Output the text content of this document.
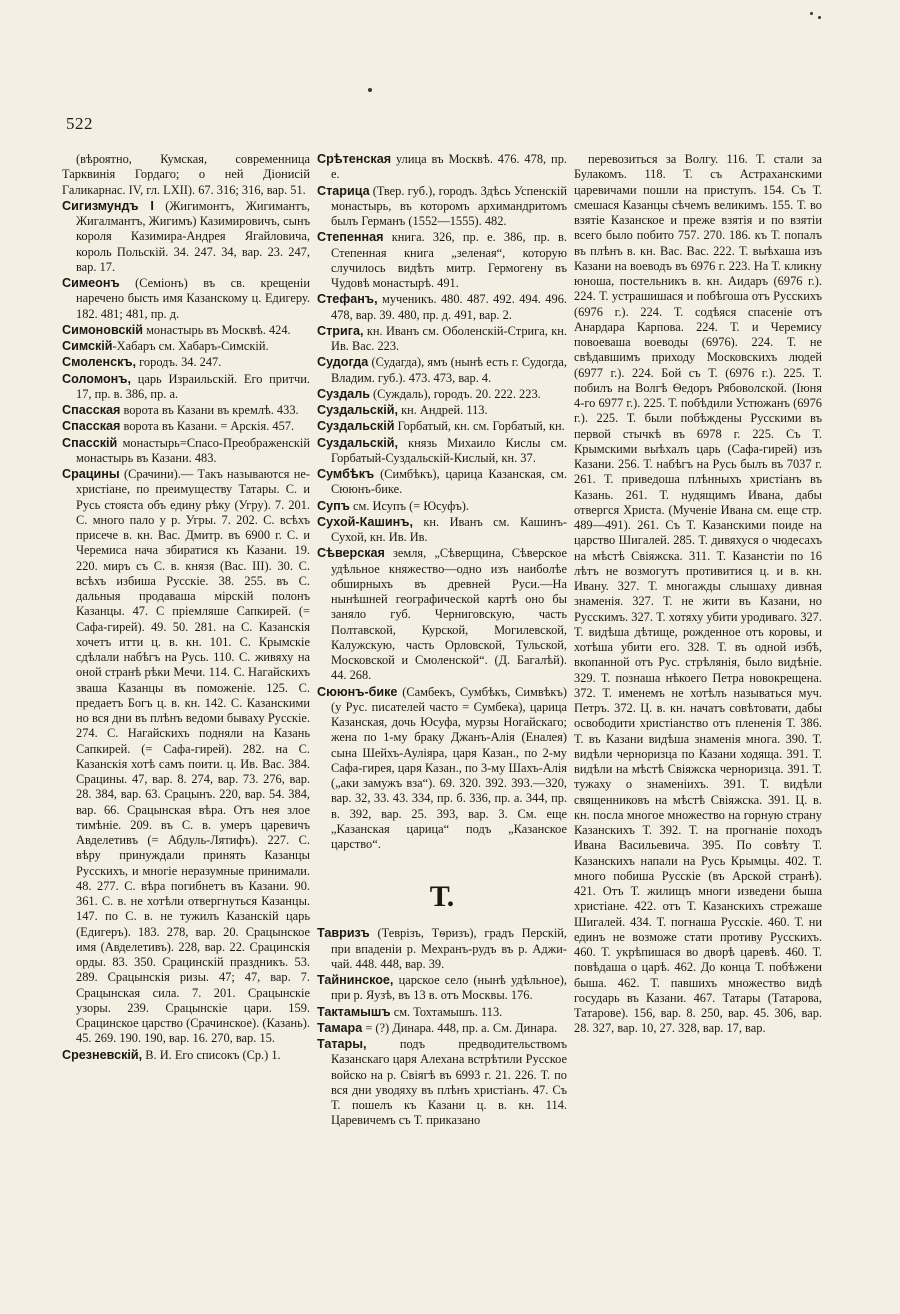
522
(вѣроятно, Кумская, современница Тарквинія Гордаго; о ней Діонисій Галикарнас. IV, гл. LXII). 67. 316; 316, вар. 51.
Сигизмундъ I (Жигимонтъ, Жигимантъ, Жигалмантъ, Жигимъ) Казимировичъ, сынъ короля Казимира-Андрея Ягайловича, король Польскій. 34. 247. 34, вар. 23. 247, вар. 17.
Симеонъ (Семіонъ) въ св. крещеніи наречено бысть имя Казанскому ц. Едигеру. 182. 481; 481, пр. д.
Симоновскій монастырь въ Москвѣ. 424.
Симскій-Хабаръ см. Хабаръ-Симскій.
Смоленскъ, городъ. 34. 247.
Соломонъ, царь Израильскій. Его притчи. 17, пр. в. 386, пр. а.
Спасская ворота въ Казани въ кремлѣ. 433.
Спасская ворота въ Казани. = Арскія. 457.
Спасскій монастырь=Спасо-Преображенскій монастырь въ Казани. 483.
Срацины (Срачини).— Такъ называются не-христіане, по преимуществу Татары. С. и Русь стояста объ едину рѣку (Угру). 7. 201. С. много пало у р. Угры. 7. 202. С. всѣхъ присече в. кн. Вас. Дмитр. въ 6900 г. С. и Черемиса нача збиратися къ Казани. 19. 220. миръ съ С. в. князя (Вас. III). 30. С. всѣхъ избиша Русскіе. 38. 255. въ С. дальныя продаваша мірскій полонъ Казанцы. 47. С пріемляше Сапкирей. (= Сафа-гирей). 49. 50. 281. на С. Казанскія хочетъ итти ц. в. кн. 101. С. Крымскіе сдѣлали набѣгъ на Русь. 110. С. живяху на оной странѣ рѣки Мечи. 114. С. Нагайскихъ зваша Казанцы въ поможеніе. 125. С. предаетъ Богъ ц. в. кн. 142. С. Казанскими но вся дни въ плѣнъ ведоми бываху Русскіе. 274. С. Нагайскихъ подняли на Казань Сапкирей. (= Сафа-гирей). 282. на С. Казанскія хотѣ самъ поити. ц. Ив. Вас. 384. Срацины. 47, вар. 8. 274, вар. 73. 276, вар. 28. 384, вар. 63. Срацынъ. 220, вар. 54. 384, вар. 66. Срацынская вѣра. Отъ нея злое тимѣніе. 209. въ С. в. умеръ царевичъ Авделетивъ (= Абдуль-Лятифъ). 227. С. вѣру принуждали принять Казанцы Русскихъ, и многіе неразумные принимали. 48. 277. С. вѣра погибнетъ въ Казани. 90. 361. С. в. не хотѣли отвергнуться Казанцы. 147. по С. в. не тужилъ Казанскій царь (Едигеръ). 183. 278, вар. 20. Срацынское имя (Авделетивъ). 228, вар. 22. Срацинскія орды. 83. 350. Срацинскій праздникъ. 53. 289. Срацынскія ризы. 47; 47, вар. 7. Срацынская сила. 7. 201. Срацынскіе узоры. 239. Срацынскіе цари. 159. Срацинское царство (Срачинское). (Казань). 45. 269. 190. 190, вар. 16. 270, вар. 15.
Срезневскій, В. И. Его списокъ (Ср.) 1.
Срѣтенская улица въ Москвѣ. 476. 478, пр. е.
Старица (Твер. губ.), городъ. Здѣсь Успенскій монастырь, въ которомъ архимандритомъ былъ Германъ (1552—1555). 482.
Степенная книга. 326, пр. е. 386, пр. в. Степенная книга „зеленая“, которую случилось видѣть митр. Гермогену въ Чудовѣ монастырѣ. 491.
Стефанъ, мученикъ. 480. 487. 492. 494. 496. 478, вар. 39. 480, пр. д. 491, вар. 2.
Стрига, кн. Иванъ см. Оболенскій-Стрига, кн. Ив. Вас. 223.
Судогда (Судагда), ямъ (нынѣ есть г. Судогда, Владим. губ.). 473. 473, вар. 4.
Суздаль (Суждаль), городъ. 20. 222. 223.
Суздальскій, кн. Андрей. 113.
Суздальскій Горбатый, кн. см. Горбатый, кн.
Суздальскій, князь Михаило Кислы см. Горбатый-Суздальскій-Кислый, кн. 37.
Сумбѣкъ (Симбѣкъ), царица Казанская, см. Сююнъ-бике.
Супъ см. Исупъ (= Юсуфъ).
Сухой-Кашинъ, кн. Иванъ см. Кашинъ-Сухой, кн. Ив. Ив.
Сѣверская земля, „Сѣверщина, Сѣверское удѣльное княжество—одно изъ наиболѣе обширныхъ въ древней Руси.—На нынѣшней географической картѣ оно бы заняло губ. Черниговскую, часть Полтавской, Курской, Могилевской, Калужскую, часть Орловской, Тульской, Московской и Смоленской“. (Д. Багалѣй). 44. 268.
Сююнъ-бике (Самбекъ, Сумбѣкъ, Симвѣкъ) (у Рус. писателей часто = Сумбека), царица Казанская, дочь Юсуфа, мурзы Ногайскаго; жена по 1-му браку Джанъ-Алія (Еналея) сына Шейхъ-Ауліяра, царя Казан., по 2-му Сафа-гирея, царя Казан., по 3-му Шахъ-Алія („аки замужъ вза“). 69. 320. 392. 393.—320, вар. 32, 33. 43. 334, пр. б. 336, пр. а. 344, пр. в. 392, вар. 25. 393, вар. 3. См. еще „Казанская царица“ подъ „Казанское царство“.
Т.
Тавризъ (Теврізъ, Тѳризъ), градъ Перскій, при впаденіи р. Мехранъ-рудъ въ р. Аджи-чай. 448. 448, вар. 39.
Тайнинское, царское село (нынѣ удѣльное), при р. Яузѣ, въ 13 в. отъ Москвы. 176.
Тактамышъ см. Тохтамышъ. 113.
Тамара = (?) Динара. 448, пр. а. См. Динара.
Татары, подъ предводительствомъ Казанскаго царя Алехана встрѣтили Русское войско на р. Свіягѣ въ 6993 г. 21. 226. Т. по вся дни уводяху въ плѣнъ христіанъ. 47. Съ Т. пошелъ къ Казани ц. в. кн. 114. Царевичемъ съ Т. приказано
перевозиться за Волгу. 116. Т. стали за Булакомъ. 118. Т. съ Астраханскими царевичами пошли на приступъ. 154. Съ Т. смешася Казанцы сѣчемъ великимъ. 155. Т. во взятіе Казанское и преже взятія и по взятіи всего было побито 757. 270. 186. къ Т. попалъ въ плѣнъ в. кн. Вас. Вас. 222. Т. выѣхаша изъ Казани на воеводъ въ 6976 г. 223. На Т. кликну юноша, постельникъ в. кн. Аидаръ (6976 г.). 224. Т. устрашишася и побѣгоша отъ Русскихъ (6976 г.). 224. Т. содѣяся спасеніе отъ Анардара Карпова. 224. Т. и Черемису повоеваша воеводы (6976). 224. Т. не свѣдавшимъ приходу Московскихъ людей (6977 г.). 224. Бой съ Т. (6976 г.). 225. Т. побилъ на Волгѣ Ѳедоръ Рябоволской. (Іюня 4-го 6977 г.). 225. Т. побѣдили Устюжанъ (6976 г.). 225. Т. были побѣждены Русскими въ первой стычкѣ въ 6978 г. 225. Съ Т. Крымскими выѣхалъ царь (Сафа-гирей) изъ Казани. 256. Т. набѣгъ на Русь былъ въ 7037 г. 261. Т. приведоша плѣнныхъ христіанъ въ Казань. 261. Т. нудящимъ Ивана, дабы отвергся Христа. (Мученіе Ивана см. еще стр. 489—491). 261. Съ Т. Казанскими поиде на царство Шигалей. 285. Т. дивяхуся о чюдесахъ на мѣстѣ Свіяжска. 311. Т. Казанстіи по 16 лѣтъ не возмогутъ противитися ц. и в. кн. Ивану. 327. Т. многажды слышаху дивная знаменія. 327. Т. не жити въ Казани, но Русскимъ. 327. Т. хотяху убити уродиваго. 327. Т. видѣша дѣтище, рожденное отъ коровы, и хотѣша убити его. 328. Т. въ одной избѣ, вкопанной отъ Рус. стрѣлянія, было видѣніе. 329. Т. познаша нѣкоего Петра новокрещена. 372. Т. именемъ не хотѣлъ называться муч. Петръ. 372. Ц. в. кн. начатъ совѣтовати, дабы освободити христіанство отъ плененія Т. 386. Т. въ Казани видѣша знаменія многа. 390. Т. видѣли черноризца по Казани ходяща. 391. Т. видѣли на мѣстѣ Свіяжска черноризца. 391. Т. тужаху о знаменіихъ. 391. Т. видѣли священниковъ на мѣстѣ Свіяжска. 391. Ц. в. кн. посла многое множество на горную страну Казанскихъ Т. 392. Т. на прогнаніе походъ Ивана Васильевича. 395. По совѣту Т. Казанскихъ напали на Русь Крымцы. 402. Т. много побиша Русскіе (въ Арской странѣ). 421. Отъ Т. жилищъ многи изведени быша христіане. 422. отъ Т. Казанскихъ стрежаше Шигалей. 434. Т. погнаша Русскіе. 460. Т. ни единъ не возможе стати противу Русскихъ. 460. Т. укрѣпишася во дворѣ царевѣ. 460. Т. повѣдаша о царѣ. 462. До конца Т. побѣжени быша. 462. Т. павшихъ множество видѣ государь въ Казани. 467. Татары (Татарова, Татарове). 156, вар. 8. 250, вар. 45. 306, вар. 28. 327, вар. 10, 27. 328, вар. 17, вар.
